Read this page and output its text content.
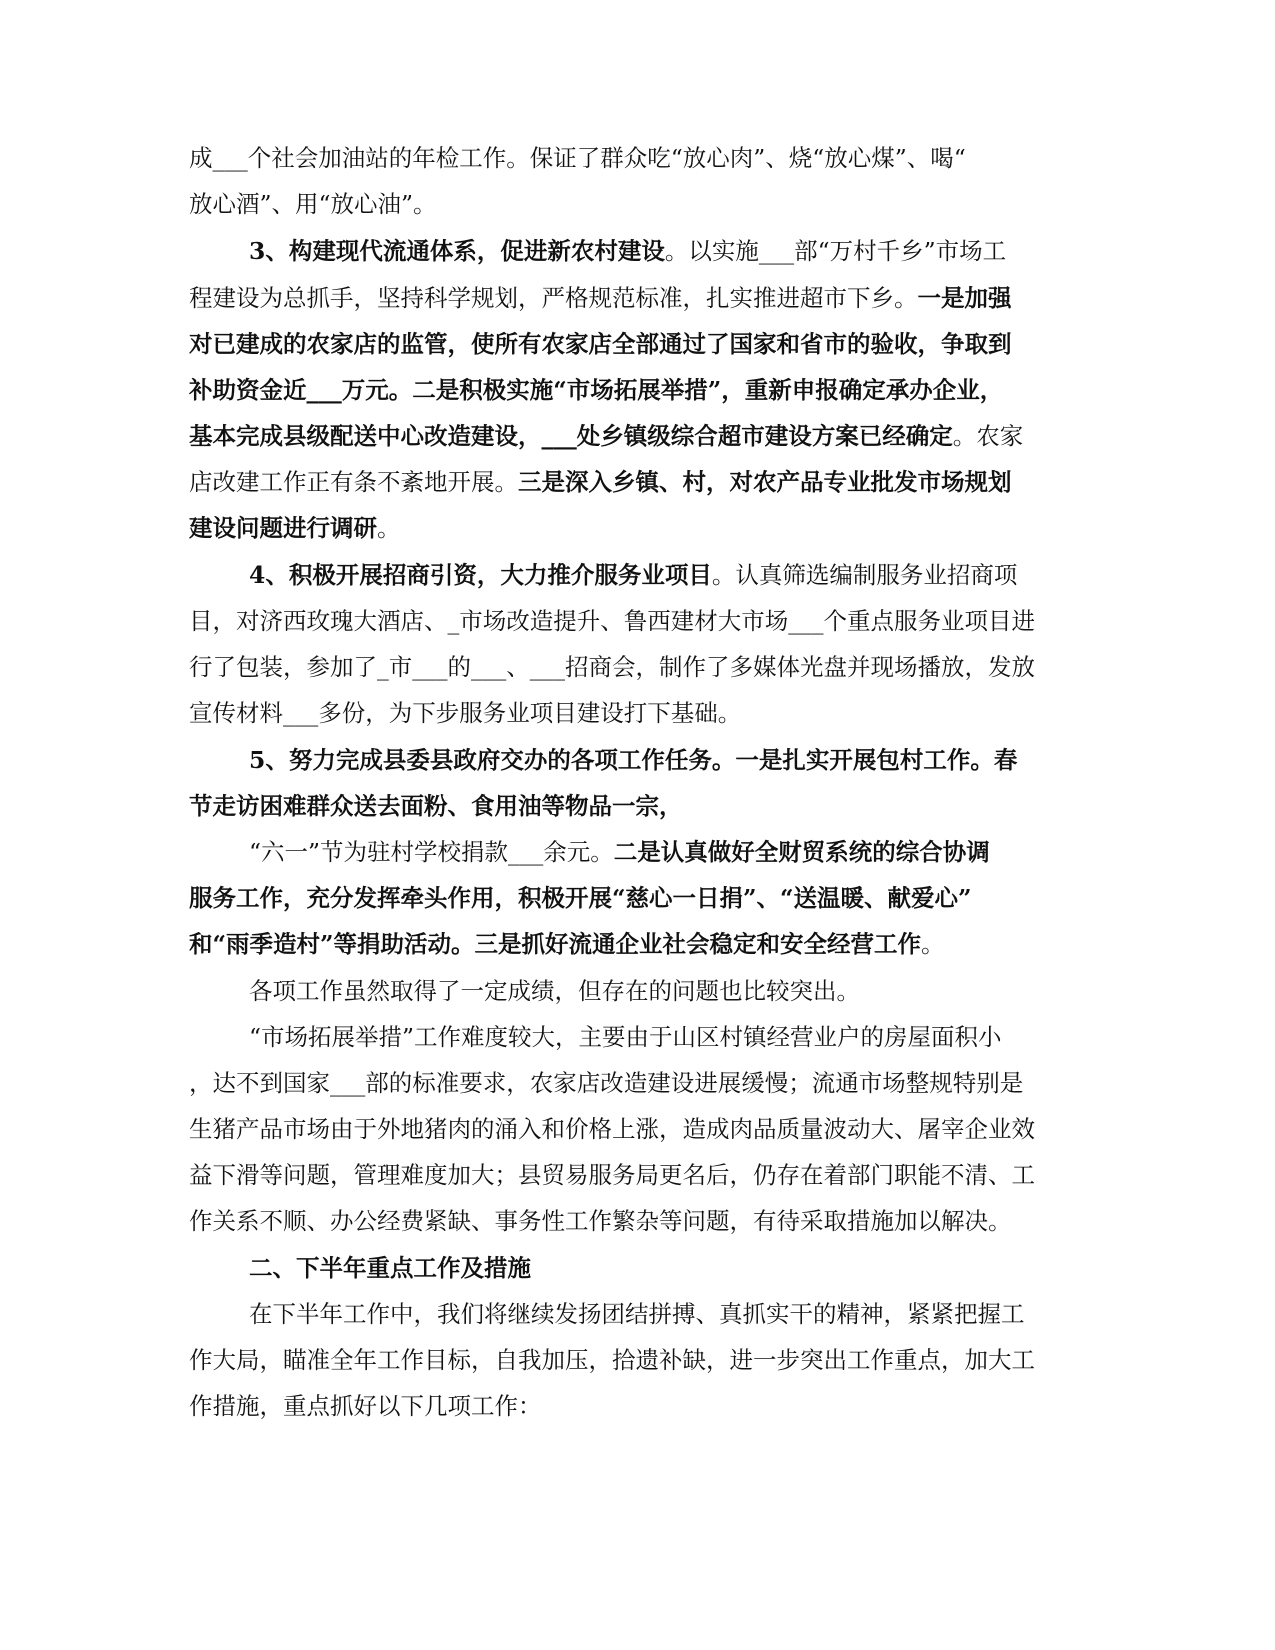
成___个社会加油站的年检工作。保证了群众吃“放心肉”、烧“放心煤”、喝“
放心酒”、用“放心油”。
3、构建现代流通体系，促进新农村建设。以实施___部“万村千乡”市场工
程建设为总抓手，坚持科学规划，严格规范标准，扎实推进超市下乡。一是加强
对已建成的农家店的监管，使所有农家店全部通过了国家和省市的验收，争取到
补助资金近___万元。二是积极实施“市场拓展举措”，重新申报确定承办企业，
基本完成县级配送中心改造建设，___处乡镇级综合超市建设方案已经确定。农家
店改建工作正有条不紊地开展。三是深入乡镇、村，对农产品专业批发市场规划
建设问题进行调研。
4、积极开展招商引资，大力推介服务业项目。认真筛选编制服务业招商项
目，对济西玫瑰大酒店、_市场改造提升、鲁西建材大市场___个重点服务业项目进
行了包装，参加了_市___的___、___招商会，制作了多媒体光盘并现场播放，发放
宣传材料___多份，为下步服务业项目建设打下基础。
5、努力完成县委县政府交办的各项工作任务。一是扎实开展包村工作。春
节走访困难群众送去面粉、食用油等物品一宗，
“六一”节为驻村学校捐款___余元。二是认真做好全财贸系统的综合协调
服务工作，充分发挥牵头作用，积极开展“慈心一日捐”、“送温暖、献爱心”
和“雨季造村”等捐助活动。三是抓好流通企业社会稳定和安全经营工作。
各项工作虽然取得了一定成绩，但存在的问题也比较突出。
“市场拓展举措”工作难度较大，主要由于山区村镇经营业户的房屋面积小
，达不到国家___部的标准要求，农家店改造建设进展缓慢；流通市场整规特别是
生猪产品市场由于外地猪肉的涌入和价格上涨，造成肉品质量波动大、屠宰企业效
益下滑等问题，管理难度加大；县贸易服务局更名后，仍存在着部门职能不清、工
作关系不顺、办公经费紧缺、事务性工作繁杂等问题，有待采取措施加以解决。
二、下半年重点工作及措施
在下半年工作中，我们将继续发扬团结拼搏、真抓实干的精神，紧紧把握工
作大局，瞄准全年工作目标，自我加压，拾遗补缺，进一步突出工作重点，加大工
作措施，重点抓好以下几项工作：
